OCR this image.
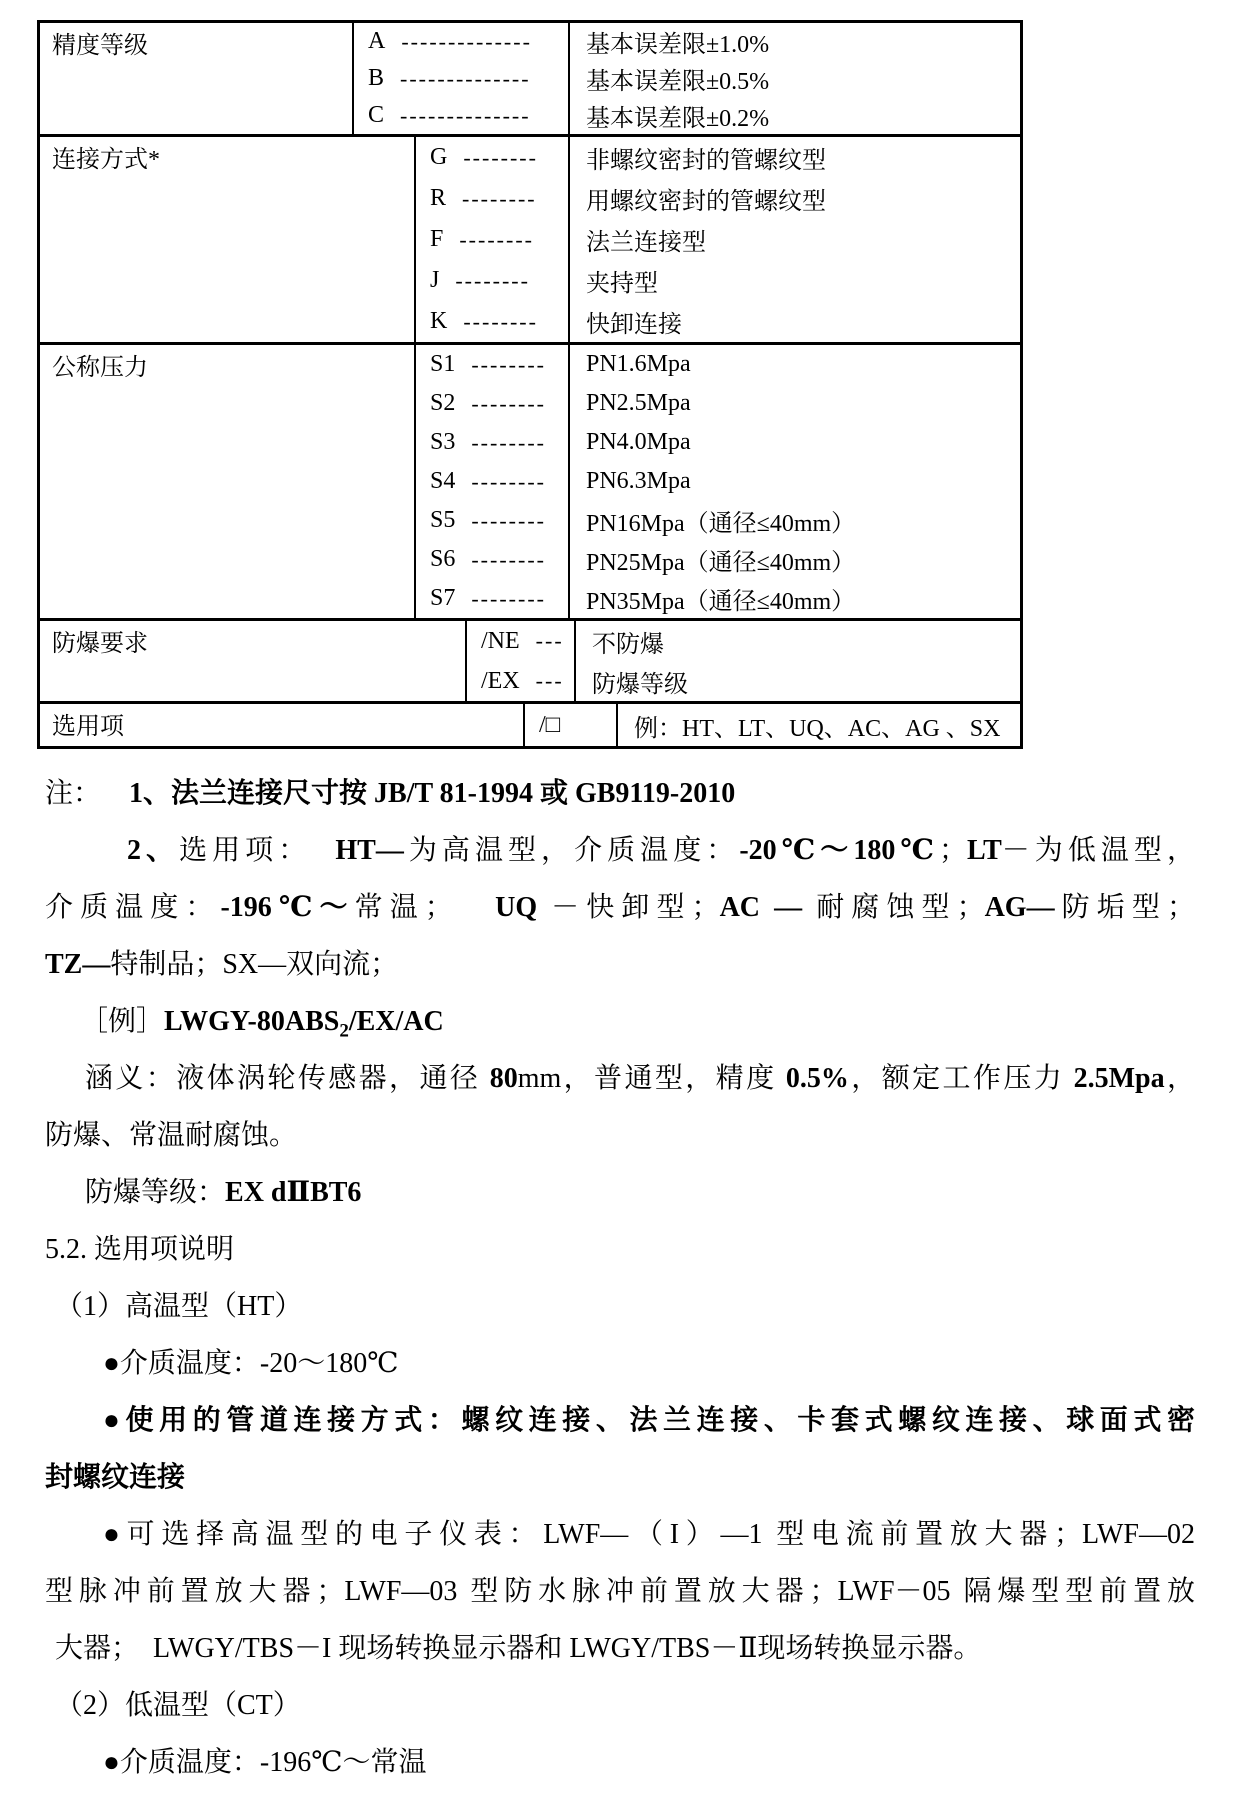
精度等级	A --------------	基本误差限±1.0%
B --------------	基本误差限±0.5%
C --------------	基本误差限±0.2%
连接方式*	G --------	非螺纹密封的管螺纹型
R --------	用螺纹密封的管螺纹型
F --------	法兰连接型
J --------	夹持型
K --------	快卸连接
公称压力	S1 --------	PN1.6Mpa
S2 --------	PN2.5Mpa
S3 --------	PN4.0Mpa
S4 --------	PN6.3Mpa
S5 --------	PN16Mpa（通径≤40mm）
S6 --------	PN25Mpa（通径≤40mm）
S7 --------	PN35Mpa（通径≤40mm）
防爆要求	/NE ---	不防爆
/EX ---	防爆等级
选用项	/□	例：HT、LT、UQ、AC、AG 、SX
注： 1、法兰连接尺寸按 JB/T 81-1994 或 GB9119-2010
2、选用项：  HT—为高温型，介质温度：-20℃～180℃；LT－为低温型，
介质温度：-196℃～常温；   UQ －快卸型；AC — 耐腐蚀型；AG—防垢型；
TZ—特制品；SX—双向流；
［例$]LWGY-80ABS_2/EX/AC$
涵义：液体涡轮传感器，通径 80mm，普通型，精度 0.5%，额定工作压力 2.5Mpa，
防爆、常温耐腐蚀。
防爆等级：EX dⅡBT6
5.2. 选用项说明
（1）高温型（HT）
●介质温度：-20～180℃
●使用的管道连接方式：螺纹连接、法兰连接、卡套式螺纹连接、球面式密
封螺纹连接
●可选择高温型的电子仪表：LWF—（I）—1 型电流前置放大器；LWF—02
型脉冲前置放大器；LWF—03 型防水脉冲前置放大器；LWF－05 隔爆型型前置放
大器；  LWGY/TBS－I 现场转换显示器和 LWGY/TBS－Ⅱ现场转换显示器。
（2）低温型（CT）
●介质温度：-196℃～常温
